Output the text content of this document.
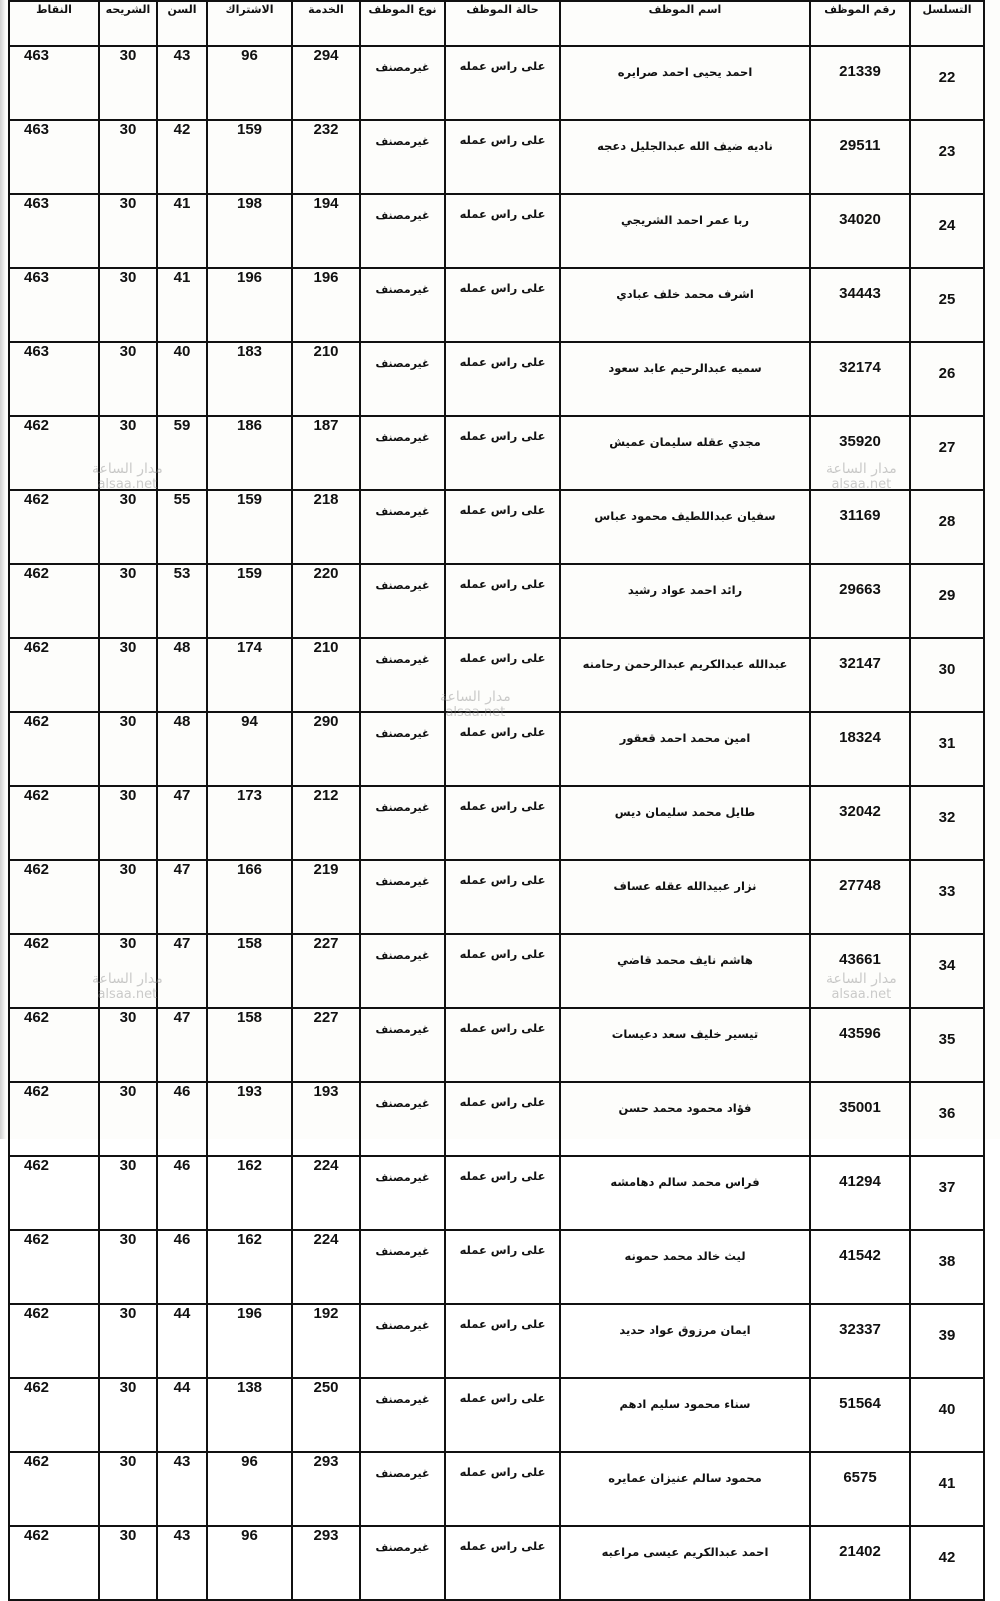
النقاط	الشريحه	السن	الاشتراك	الخدمة	نوع الموظف	حالة الموظف	اسم الموظف	رقم الموظف	التسلسل
463	30	43	96	294	غيرمصنف	على راس عمله	احمد يحيى احمد صرايره	21339	22
463	30	42	159	232	غيرمصنف	على راس عمله	ناديه ضيف الله عبدالجليل دعجه	29511	23
463	30	41	198	194	غيرمصنف	على راس عمله	ربا عمر احمد الشريجي	34020	24
463	30	41	196	196	غيرمصنف	على راس عمله	اشرف محمد خلف عبادي	34443	25
463	30	40	183	210	غيرمصنف	على راس عمله	سميه عبدالرحيم عابد سعود	32174	26
462	30	59	186	187	غيرمصنف	على راس عمله	مجدي عقله سليمان عميش	35920	27
462	30	55	159	218	غيرمصنف	على راس عمله	سفيان عبداللطيف محمود عباس	31169	28
462	30	53	159	220	غيرمصنف	على راس عمله	رائد احمد عواد رشيد	29663	29
462	30	48	174	210	غيرمصنف	على راس عمله	عبدالله عبدالكريم عبدالرحمن رحامنه	32147	30
462	30	48	94	290	غيرمصنف	على راس عمله	امين محمد احمد قعقور	18324	31
462	30	47	173	212	غيرمصنف	على راس عمله	طايل محمد سليمان ديس	32042	32
462	30	47	166	219	غيرمصنف	على راس عمله	نزار عبيدالله عقله عساف	27748	33
462	30	47	158	227	غيرمصنف	على راس عمله	هاشم نايف محمد قاضي	43661	34
462	30	47	158	227	غيرمصنف	على راس عمله	تيسير خليف سعد دعيسات	43596	35
462	30	46	193	193	غيرمصنف	على راس عمله	فؤاد محمود محمد حسن	35001	36
462	30	46	162	224	غيرمصنف	على راس عمله	فراس محمد سالم دهامشه	41294	37
462	30	46	162	224	غيرمصنف	على راس عمله	ليث خالد محمد حمونه	41542	38
462	30	44	196	192	غيرمصنف	على راس عمله	ايمان مرزوق عواد حديد	32337	39
462	30	44	138	250	غيرمصنف	على راس عمله	سناء محمود سليم ادهم	51564	40
462	30	43	96	293	غيرمصنف	على راس عمله	محمود سالم عنيزان عمايره	6575	41
462	30	43	96	293	غيرمصنف	على راس عمله	احمد عبدالكريم عيسى مراعبه	21402	42
مدار الساعة
alsaa.net
مدار الساعة
alsaa.net
مدار الساعة
alsaa.net
مدار الساعة
alsaa.net
مدار الساعة
alsaa.net
